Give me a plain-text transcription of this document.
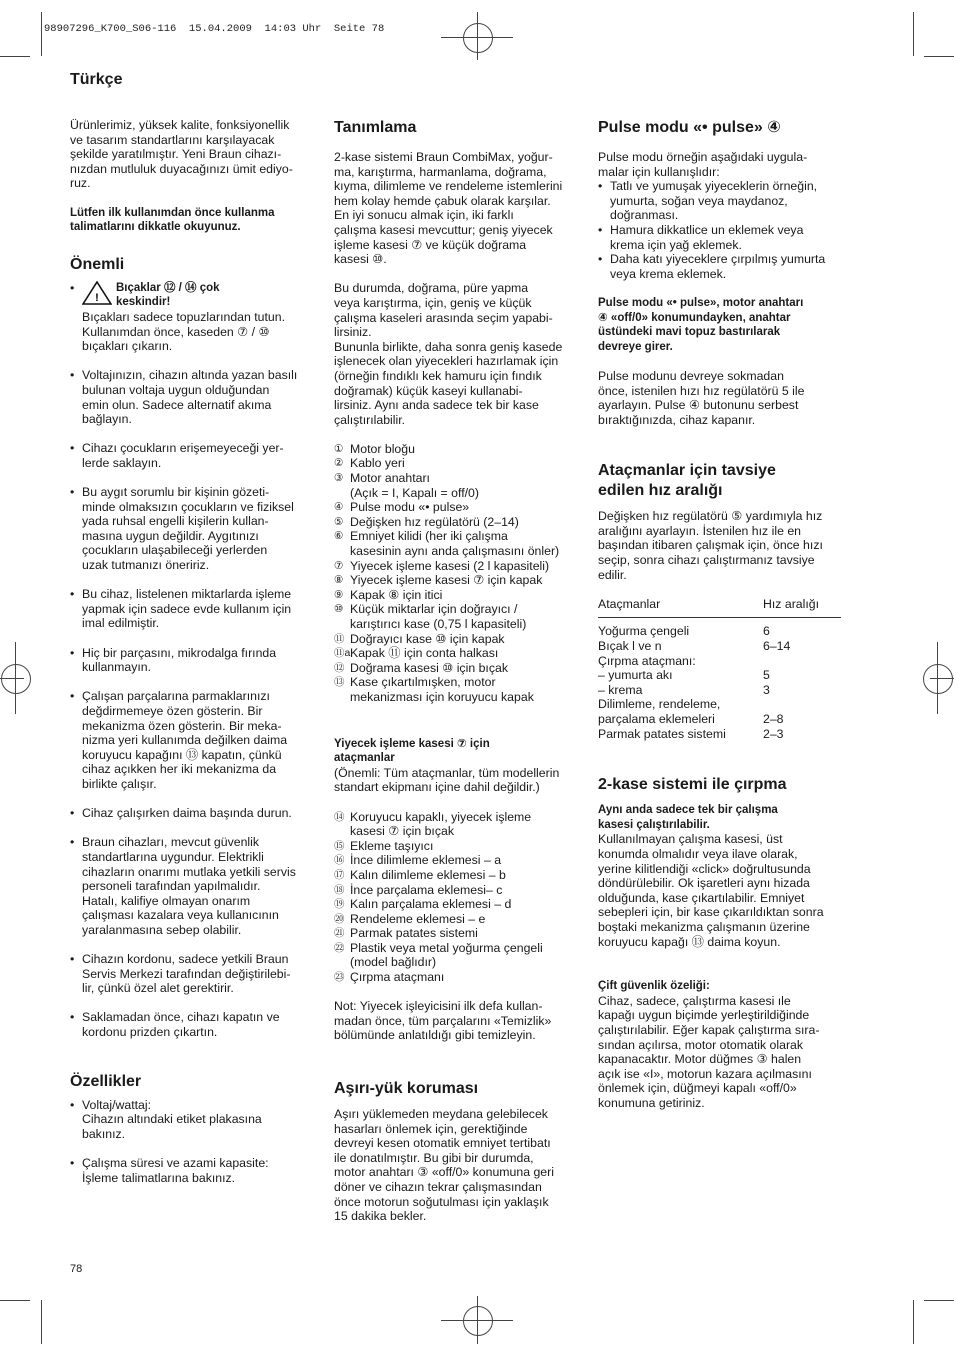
98907296_K700_S06-116  15.04.2009  14:03 Uhr  Seite 78
Türkçe
Ürünlerimiz, yüksek kalite, fonksiyonellik
ve tasarım standartlarını karşılayacak
şekilde yaratılmıştır. Yeni Braun cihazı-
nızdan mutluluk duyacağınızı ümit ediyo-
ruz.
Lütfen ilk kullanımdan önce kullanma
talimatlarını dikkatle okuyunuz.
Önemli
• !
Bıçaklar ⑫ / ⑭ çok
keskindir!
Bıçakları sadece topuzlarından tutun.
Kullanımdan önce, kaseden ⑦ / ⑩
bıçakları çıkarın.
• Voltajınızın, cihazın altında yazan basılı
bulunan voltaja uygun olduğundan
emin olun. Sadece alternatif akıma
bağlayın.
• Cihazı çocukların erişemeyeceği yer-
lerde saklayın.
• Bu aygıt sorumlu bir kişinin gözeti-
minde olmaksızın çocukların ve fiziksel
yada ruhsal engelli kişilerin kullan-
masına uygun değildir. Aygıtınızı
çocukların ulaşabileceği yerlerden
uzak tutmanızı öneririz.
• Bu cihaz, listelenen miktarlarda işleme
yapmak için sadece evde kullanım için
imal edilmiştir.
• Hiç bir parçasını, mikrodalga fırında
kullanmayın.
• Çalışan parçalarına parmaklarınızı
değdirmemeye özen gösterin. Bir
mekanizma özen gösterin. Bir meka-
nizma yeri kullanımda değilken daima
koruyucu kapağını ⑬ kapatın, çünkü
cihaz açıkken her iki mekanizma da
birlikte çalışır.
• Cihaz çalışırken daima başında durun.
• Braun cihazları, mevcut güvenlik
standartlarına uygundur. Elektrikli
cihazların onarımı mutlaka yetkili servis
personeli tarafından yapılmalıdır.
Hatalı, kalifiye olmayan onarım
çalışması kazalara veya kullanıcının
yaralanmasına sebep olabilir.
• Cihazın kordonu, sadece yetkili Braun
Servis Merkezi tarafından değiştirilebi-
lir, çünkü özel alet gerektirir.
• Saklamadan önce, cihazı kapatın ve
kordonu prizden çıkartın.
Özellikler
• Voltaj/wattaj:
Cihazın altındaki etiket plakasına
bakınız.
• Çalışma süresi ve azami kapasite:
İşleme talimatlarına bakınız.
Tanımlama
2-kase sistemi Braun CombiMax, yoğur-
ma, karıştırma, harmanlama, doğrama,
kıyma, dilimleme ve rendeleme istemlerini
hem kolay hemde çabuk olarak karşılar.
En iyi sonucu almak için, iki farklı
çalışma kasesi mevcuttur; geniş yiyecek
işleme kasesi ⑦ ve küçük doğrama
kasesi ⑩.
Bu durumda, doğrama, püre yapma
veya karıştırma, için, geniş ve küçük
çalışma kaseleri arasında seçim yapabi-
lirsiniz.
Bununla birlikte, daha sonra geniş kasede
işlenecek olan yiyecekleri hazırlamak için
(örneğin fındıklı kek hamuru için fındık
doğramak) küçük kaseyi kullanabi-
lirsiniz. Aynı anda sadece tek bir kase
çalıştırılabilir.
① Motor bloğu
② Kablo yeri
③ Motor anahtarı
(Açık = I, Kapalı = off/0)
④ Pulse modu «• pulse»
⑤ Değişken hız regülatörü (2–14)
⑥ Emniyet kilidi (her iki çalışma
kasesinin aynı anda çalışmasını önler)
⑦ Yiyecek işleme kasesi (2 l kapasiteli)
⑧ Yiyecek işleme kasesi ⑦ için kapak
⑨ Kapak ⑧ için itici
⑩ Küçük miktarlar için doğrayıcı /
karıştırıcı kase (0,75 l kapasiteli)
⑪ Doğrayıcı kase ⑩ için kapak
⑪a Kapak ⑪ için conta halkası
⑫ Doğrama kasesi ⑩ için bıçak
⑬ Kase çıkartılmışken, motor
mekanizması için koruyucu kapak
Yiyecek işleme kasesi ⑦ için
ataçmanlar
(Önemli: Tüm ataçmanlar, tüm modellerin
standart ekipmanı içine dahil değildir.)
⑭ Koruyucu kapaklı, yiyecek işleme
kasesi ⑦ için bıçak
⑮ Ekleme taşıyıcı
⑯ İnce dilimleme eklemesi – a
⑰ Kalın dilimleme eklemesi – b
⑱ İnce parçalama eklemesi– c
⑲ Kalın parçalama eklemesi – d
⑳ Rendeleme eklemesi – e
㉑ Parmak patates sistemi
㉒ Plastik veya metal yoğurma çengeli
(model bağlıdır)
㉓ Çırpma ataçmanı
Not: Yiyecek işleyicisini ilk defa kullan-
madan önce, tüm parçalarını «Temizlik»
bölümünde anlatıldığı gibi temizleyin.
Aşırı-yük koruması
Aşırı yüklemeden meydana gelebilecek
hasarları önlemek için, gerektiğinde
devreyi kesen otomatik emniyet tertibatı
ile donatılmıştır. Bu gibi bir durumda,
motor anahtarı ③ «off/0» konumuna geri
döner ve cihazın tekrar çalışmasından
önce motorun soğutulması için yaklaşık
15 dakika bekler.
Pulse modu «• pulse» ④
Pulse modu örneğin aşağıdaki uygula-
malar için kullanışlıdır:
• Tatlı ve yumuşak yiyeceklerin örneğin,
yumurta, soğan veya maydanoz,
doğranması.
• Hamura dikkatlice un eklemek veya
krema için yağ eklemek.
• Daha katı yiyeceklere çırpılmış yumurta
veya krema eklemek.
Pulse modu «• pulse», motor anahtarı
④ «off/0» konumundayken, anahtar
üstündeki mavi topuz bastırılarak
devreye girer.
Pulse modunu devreye sokmadan
önce, istenilen hızı hız regülatörü 5 ile
ayarlayın. Pulse ④ butonunu serbest
bıraktığınızda, cihaz kapanır.
Ataçmanlar için tavsiye
edilen hız aralığı
Değişken hız regülatörü ⑤ yardımıyla hız
aralığını ayarlayın. İstenilen hız ile en
başından itibaren çalışmak için, önce hızı
seçip, sonra cihazı çalıştırmanız tavsiye
edilir.
Ataçmanlar	Hız aralığı

Yoğurma çengeli	6
Bıçak l ve n	6–14
Çırpma ataçmanı:	
– yumurta akı	5
– krema	3
Dilimleme, rendeleme,	
parçalama eklemeleri	2–8
Parmak patates sistemi	2–3

2-kase sistemi ile çırpma
Aynı anda sadece tek bir çalışma
kasesi çalıştırılabilir.
Kullanılmayan çalışma kasesi, üst
konumda olmalıdır veya ilave olarak,
yerine kilitlendiği «click» doğrultusunda
döndürülebilir. Ok işaretleri aynı hizada
olduğunda, kase çıkartılabilir. Emniyet
sebepleri için, bir kase çıkarıldıktan sonra
boştaki mekanizma çalışmanın üzerine
koruyucu kapağı ⑬ daima koyun.
Çift güvenlik özeliği:
Cihaz, sadece, çalıştırma kasesi ıle
kapağı uygun biçimde yerleştirildiğinde
çalıştırılabilir. Eğer kapak çalıştırma sıra-
sından açılırsa, motor otomatik olarak
kapanacaktır. Motor düğmes ③ halen
açık ise «I», motorun kazara açılmasını
önlemek için, düğmeyi kapalı «off/0»
konumuna getiriniz.
78
